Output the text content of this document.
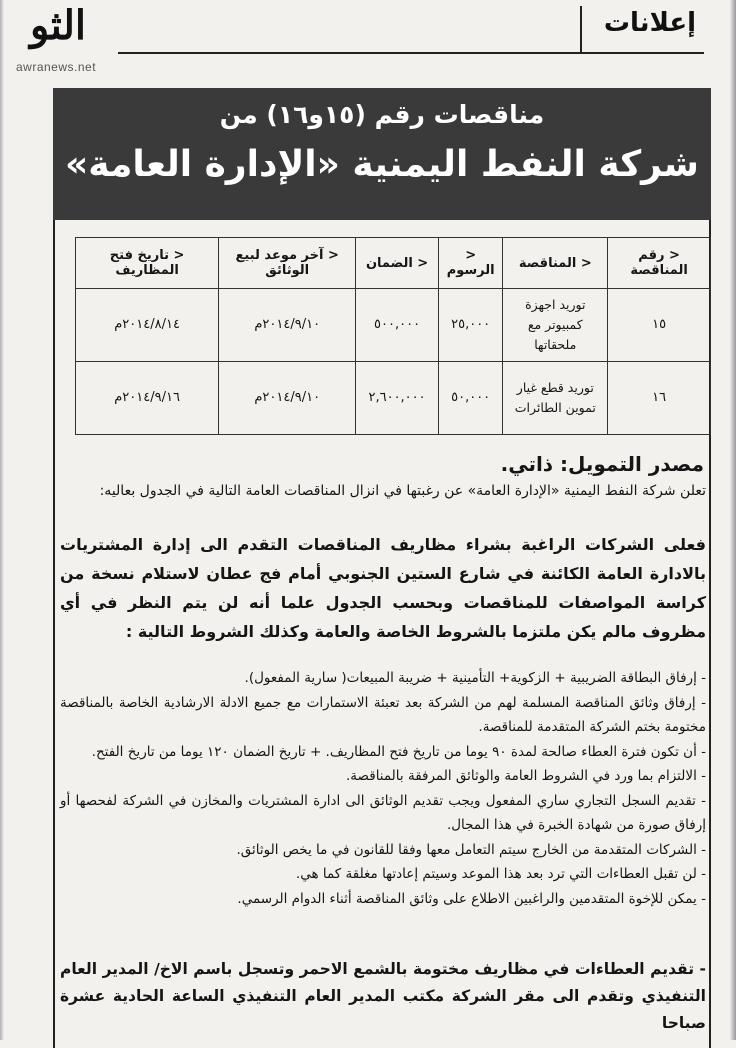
الثو
awranews.net
إعلانات
مناقصات رقم (١٥و١٦) من
شركة النفط اليمنية «الإدارة العامة»
< رقم المناقصة	< المناقصة	< الرسوم	< الضمان	< آخر موعد لبيع الوثائق	< تاريخ فتح المظاريف
١٥	توريد اجهزة كمبيوتر مع ملحقاتها	٢٥,٠٠٠	٥٠٠,٠٠٠	٢٠١٤/٩/١٠م	٢٠١٤/٨/١٤م
١٦	توريد قطع غيار تموين الطائرات	٥٠,٠٠٠	٢,٦٠٠,٠٠٠	٢٠١٤/٩/١٠م	٢٠١٤/٩/١٦م
مصدر التمويل: ذاتي.
تعلن شركة النفط اليمنية «الإدارة العامة» عن رغبتها في انزال المناقصات العامة التالية في الجدول بعاليه:
فعلى الشركات الراغبة بشراء مظاريف المناقصات التقدم الى إدارة المشتريات بالادارة العامة الكائنة في شارع الستين الجنوبي أمام فج عطان لاستلام نسخة من كراسة المواصفات للمناقصات وبحسب الجدول علما أنه لن يتم النظر في أي مظروف مالم يكن ملتزما بالشروط الخاصة والعامة وكذلك الشروط التالية :
- إرفاق البطاقة الضريبية + الزكوية+ التأمينية + ضريبة المبيعات( سارية المفعول).
- إرفاق وثائق المناقصة المسلمة لهم من الشركة بعد تعبئة الاستمارات مع جميع الادلة الارشادية الخاصة بالمناقصة مختومة بختم الشركة المتقدمة للمناقصة.
- أن تكون فترة العطاء صالحة لمدة ٩٠ يوما من تاريخ فتح المظاريف. + تاريخ الضمان ١٢٠ يوما من تاريخ الفتح.
- الالتزام بما ورد في الشروط العامة والوثائق المرفقة بالمناقصة.
- تقديم السجل التجاري ساري المفعول ويجب تقديم الوثائق الى ادارة المشتريات والمخازن في الشركة لفحصها أو إرفاق صورة من شهادة الخبرة في هذا المجال.
- الشركات المتقدمة من الخارج سيتم التعامل معها وفقا للقانون في ما يخص الوثائق.
- لن تقبل العطاءات التي ترد بعد هذا الموعد وسيتم إعادتها مغلقة كما هي.
- يمكن للإخوة المتقدمين والراغبين الاطلاع على وثائق المناقصة أثناء الدوام الرسمي.
- تقديم العطاءات في مظاريف مختومة بالشمع الاحمر وتسجل باسم الاخ/ المدير العام التنفيذي وتقدم الى مقر الشركة مكتب المدير العام التنفيذي الساعة الحادية عشرة صباحا
